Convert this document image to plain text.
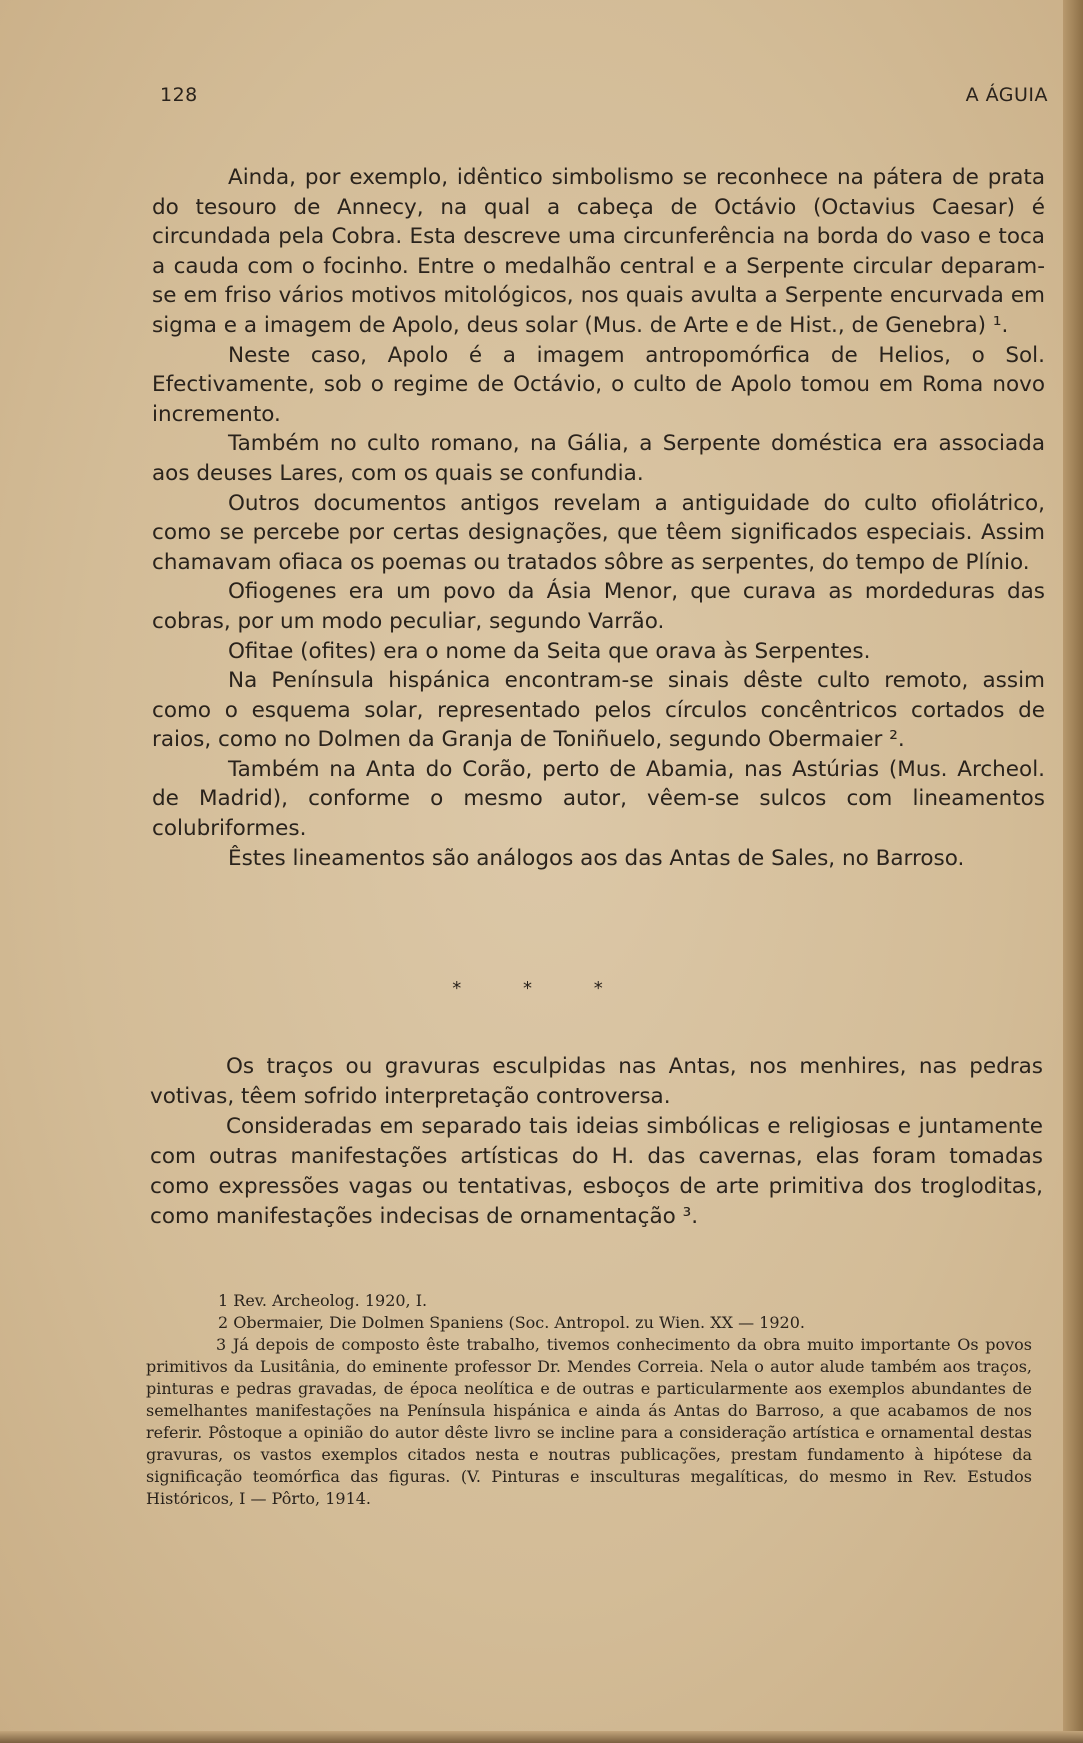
128	A ÁGUIA

Ainda, por exemplo, idêntico simbolismo se reconhece na pátera de prata do tesouro de Annecy, na qual a cabeça de Octávio (Octavius Caesar) é circundada pela Cobra. Esta descreve uma circunferência na borda do vaso e toca a cauda com o focinho. Entre o medalhão central e a Serpente circular deparam-se em friso vários motivos mitológicos, nos quais avulta a Serpente encurvada em sigma e a imagem de Apolo, deus solar (Mus. de Arte e de Hist., de Genebra) ¹.

Neste caso, Apolo é a imagem antropomórfica de Helios, o Sol. Efectivamente, sob o regime de Octávio, o culto de Apolo tomou em Roma novo incremento.

Também no culto romano, na Gália, a Serpente doméstica era associada aos deuses Lares, com os quais se confundia.

Outros documentos antigos revelam a antiguidade do culto ofiolátrico, como se percebe por certas designações, que têem significados especiais. Assim chamavam ofiaca os poemas ou tratados sôbre as serpentes, do tempo de Plínio.

Ofiogenes era um povo da Ásia Menor, que curava as mordeduras das cobras, por um modo peculiar, segundo Varrão.

Ofitae (ofites) era o nome da Seita que orava às Serpentes.

Na Península hispánica encontram-se sinais dêste culto remoto, assim como o esquema solar, representado pelos círculos concêntricos cortados de raios, como no Dolmen da Granja de Toniñuelo, segundo Obermaier ².

Também na Anta do Corão, perto de Abamia, nas Astúrias (Mus. Archeol. de Madrid), conforme o mesmo autor, vêem-se sulcos com lineamentos colubriformes.

Êstes lineamentos são análogos aos das Antas de Sales, no Barroso.

* * *

Os traços ou gravuras esculpidas nas Antas, nos menhires, nas pedras votivas, têem sofrido interpretação controversa.

Consideradas em separado tais ideias simbólicas e religiosas e juntamente com outras manifestações artísticas do H. das cavernas, elas foram tomadas como expressões vagas ou tentativas, esboços de arte primitiva dos trogloditas, como manifestações indecisas de ornamentação ³.

1 Rev. Archeolog. 1920, I.

2 Obermaier, Die Dolmen Spaniens (Soc. Antropol. zu Wien. XX — 1920.

3 Já depois de composto êste trabalho, tivemos conhecimento da obra muito importante Os povos primitivos da Lusitânia, do eminente professor Dr. Mendes Correia. Nela o autor alude também aos traços, pinturas e pedras gravadas, de época neolítica e de outras e particularmente aos exemplos abundantes de semelhantes manifestações na Península hispánica e ainda ás Antas do Barroso, a que acabamos de nos referir. Pôstoque a opinião do autor dêste livro se incline para a consideração artística e ornamental destas gravuras, os vastos exemplos citados nesta e noutras publicações, prestam fundamento à hipótese da significação teomórfica das figuras. (V. Pinturas e insculturas megalíticas, do mesmo in Rev. Estudos Históricos, I — Pôrto, 1914.
